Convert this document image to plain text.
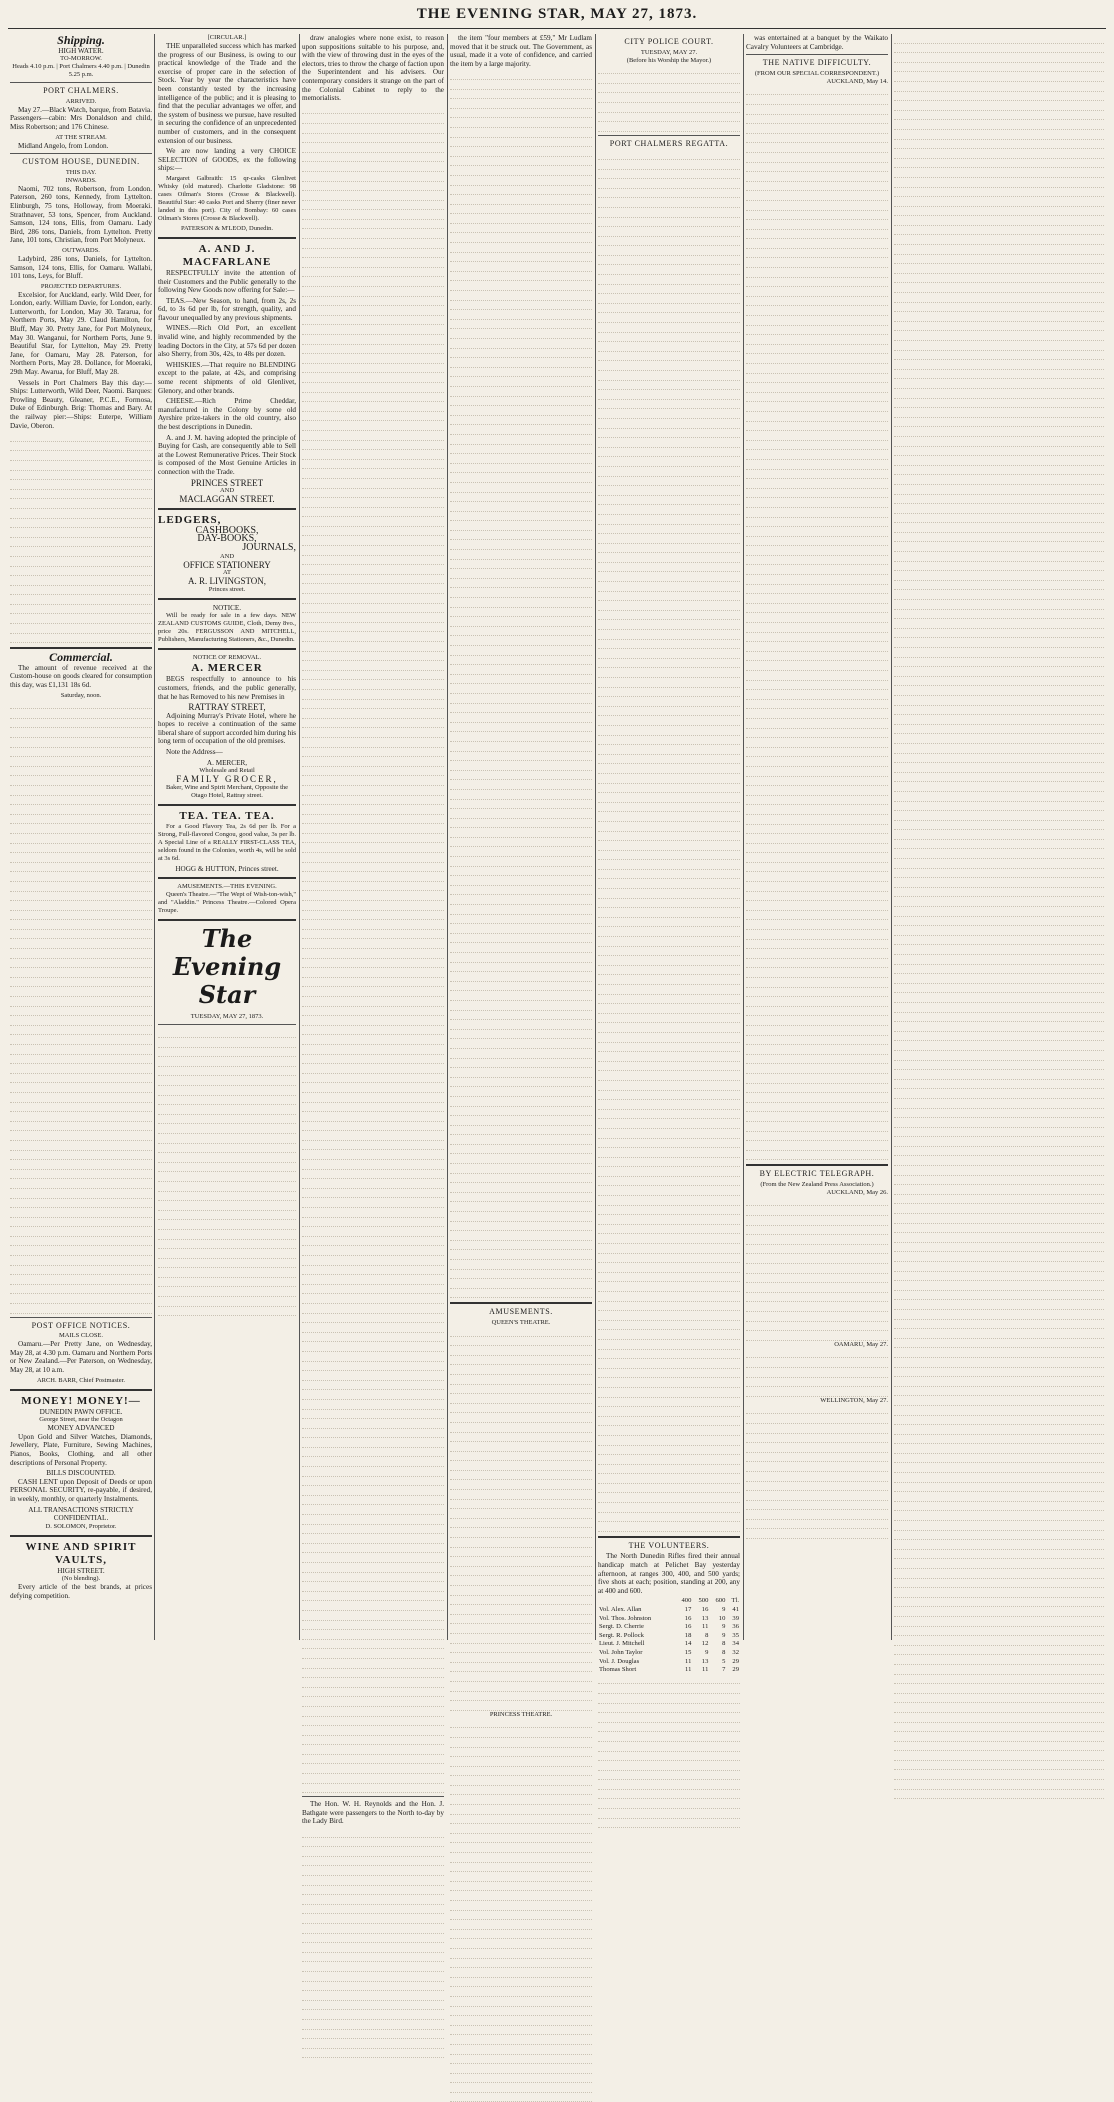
THE EVENING STAR, MAY 27, 1873.
Shipping.
HIGH WATER.
TO-MORROW.
Heads 4.10 p.m. | Port Chalmers 4.40 p.m. | Dunedin 5.25 p.m.
PORT CHALMERS.
ARRIVED.

May 27.—Black Watch, barque, from Batavia. Passengers—cabin: Mrs Donaldson and child, Miss Robertson; and 176 Chinese.

AT THE STREAM.

Midland Angelo, from London.

CUSTOM HOUSE, DUNEDIN.
THIS DAY.
INWARDS.

Naomi, 702 tons, Robertson, from London. Paterson, 260 tons, Kennedy, from Lyttelton. Elinburgh, 75 tons, Holloway, from Moeraki. Strathnaver, 53 tons, Spencer, from Auckland. Samson, 124 tons, Ellis, from Oamaru. Lady Bird, 286 tons, Daniels, from Lyttelton. Pretty Jane, 101 tons, Christian, from Port Molyneux.

OUTWARDS.

Ladybird, 286 tons, Daniels, for Lyttelton. Samson, 124 tons, Ellis, for Oamaru. Wallabi, 101 tons, Leys, for Bluff.

PROJECTED DEPARTURES.

Excelsior, for Auckland, early. Wild Deer, for London, early. William Davie, for London, early. Lutterworth, for London, May 30. Tararua, for Northern Ports, May 29. Claud Hamilton, for Bluff, May 30. Pretty Jane, for Port Molyneux, May 30. Wanganui, for Northern Ports, June 9. Beautiful Star, for Lyttelton, May 29. Pretty Jane, for Oamaru, May 28. Paterson, for Northern Ports, May 28. Dollance, for Moeraki, 29th May. Awarua, for Bluff, May 28.

Vessels in Port Chalmers Bay this day:—Ships: Lutterworth, Wild Deer, Naomi. Barques: Prowling Beauty, Gleaner, P.C.E., Formosa, Duke of Edinburgh. Brig: Thomas and Bary. At the railway pier:—Ships: Euterpe, William Davie, Oberon.

Commercial.

The amount of revenue received at the Custom-house on goods cleared for consumption this day, was £1,131 18s 6d.

Saturday, noon.
POST OFFICE NOTICES.
MAILS CLOSE.

Oamaru.—Per Pretty Jane, on Wednesday, May 28, at 4.30 p.m. Oamaru and Northern Ports or New Zealand.—Per Paterson, on Wednesday, May 28, at 10 a.m.

ARCH. BARR, Chief Postmaster.
MONEY! MONEY!—
DUNEDIN PAWN OFFICE.
George Street, near the Octagon
MONEY ADVANCED

Upon Gold and Silver Watches, Diamonds, Jewellery, Plate, Furniture, Sewing Machines, Pianos, Books, Clothing, and all other descriptions of Personal Property.

BILLS DISCOUNTED.

CASH LENT upon Deposit of Deeds or upon PERSONAL SECURITY, re-payable, if desired, in weekly, monthly, or quarterly Instalments.

ALL TRANSACTIONS STRICTLY CONFIDENTIAL.
D. SOLOMON, Proprietor.
WINE AND SPIRIT VAULTS,
HIGH STREET.
(No blending).

Every article of the best brands, at prices defying competition.

[CIRCULAR.]

THE unparalleled success which has marked the progress of our Business, is owing to our practical knowledge of the Trade and the exercise of proper care in the selection of Stock. Year by year the characteristics have been constantly tested by the increasing intelligence of the public; and it is pleasing to find that the peculiar advantages we offer, and the system of business we pursue, have resulted in securing the confidence of an unprecedented number of customers, and in the consequent extension of our business.

We are now landing a very CHOICE SELECTION of GOODS, ex the following ships:—

Margaret Galbraith: 15 qr-casks Glenlivet Whisky (old matured). Charlotte Gladstone: 98 cases Oilman's Stores (Crosse & Blackwell). Beautiful Star: 40 casks Port and Sherry (finer never landed in this port). City of Bombay: 60 cases Oilman's Stores (Crosse & Blackwell).

PATERSON & M'LEOD, Dunedin.
A. AND J. MACFARLANE

RESPECTFULLY invite the attention of their Customers and the Public generally to the following New Goods now offering for Sale:—

TEAS.—New Season, to hand, from 2s, 2s 6d, to 3s 6d per lb, for strength, quality, and flavour unequalled by any previous shipments.

WINES.—Rich Old Port, an excellent invalid wine, and highly recommended by the leading Doctors in the City, at 57s 6d per dozen also Sherry, from 30s, 42s, to 48s per dozen.

WHISKIES.—That require no BLENDING except to the palate, at 42s, and comprising some recent shipments of old Glenlivet, Glenory, and other brands.

CHEESE.—Rich Prime Cheddar, manufactured in the Colony by some old Ayrshire prize-takers in the old country, also the best descriptions in Dunedin.

A. and J. M. having adopted the principle of Buying for Cash, are consequently able to Sell at the Lowest Remunerative Prices. Their Stock is composed of the Most Genuine Articles in connection with the Trade.

PRINCES STREET
AND
MACLAGGAN STREET.
LEDGERS,
CASHBOOKS,
DAY-BOOKS,
JOURNALS,
AND
OFFICE STATIONERY
AT
A. R. LIVINGSTON,
Princes street.
NOTICE.

Will be ready for sale in a few days. NEW ZEALAND CUSTOMS GUIDE, Cloth, Demy 8vo., price 20s. FERGUSSON AND MITCHELL, Publishers, Manufacturing Stationers, &c., Dunedin.

NOTICE OF REMOVAL.
A. MERCER

BEGS respectfully to announce to his customers, friends, and the public generally, that he has Removed to his new Premises in

RATTRAY STREET,

Adjoining Murray's Private Hotel, where he hopes to receive a continuation of the same liberal share of support accorded him during his long term of occupation of the old premises.

Note the Address—

A. MERCER,
Wholesale and Retail
FAMILY GROCER,
Baker, Wine and Spirit Merchant, Opposite the Otago Hotel, Rattray street.
TEA. TEA. TEA.

For a Good Flavory Tea, 2s 6d per lb. For a Strong, Full-flavored Congou, good value, 3s per lb. A Special Line of a REALLY FIRST-CLASS TEA, seldom found in the Colonies, worth 4s, will be sold at 3s 6d.

HOGG & HUTTON, Princes street.
AMUSEMENTS.—THIS EVENING.

Queen's Theatre.—"The Wept of Wish-ton-wish," and "Aladdin." Princess Theatre.—Colored Opera Troupe.

The Evening Star
TUESDAY, MAY 27, 1873.

draw analogies where none exist, to reason upon suppositions suitable to his purpose, and, with the view of throwing dust in the eyes of the electors, tries to throw the charge of faction upon the Superintendent and his advisers. Our contemporary considers it strange on the part of the Colonial Cabinet to reply to the memorialists.

The Hon. W. H. Reynolds and the Hon. J. Bathgate were passengers to the North to-day by the Lady Bird.

the item "four members at £59," Mr Ludlam moved that it be struck out. The Government, as usual, made it a vote of confidence, and carried the item by a large majority.

AMUSEMENTS.
QUEEN'S THEATRE.
PRINCESS THEATRE.
CITY POLICE COURT.
TUESDAY, MAY 27.
(Before his Worship the Mayor.)
PORT CHALMERS REGATTA.
THE VOLUNTEERS.

The North Dunedin Rifles fired their annual handicap match at Pelichet Bay yesterday afternoon, at ranges 300, 400, and 500 yards; five shots at each; position, standing at 200, any at 400 and 600.

	400	500	600	Tl.
Vol. Alex. Allan	17	16	9	41
Vol. Thos. Johnston	16	13	10	39
Sergt. D. Cherrie	16	11	9	36
Sergt. R. Pollock	18	8	9	35
Lieut. J. Mitchell	14	12	8	34
Vol. John Taylor	15	9	8	32
Vol. J. Douglas	11	13	5	29
Thomas Short	11	11	7	29

was entertained at a banquet by the Waikato Cavalry Volunteers at Cambridge.

THE NATIVE DIFFICULTY.
(FROM OUR SPECIAL CORRESPONDENT.)
AUCKLAND, May 14.
BY ELECTRIC TELEGRAPH.
(From the New Zealand Press Association.)
AUCKLAND, May 26.
OAMARU, May 27.
WELLINGTON, May 27.
